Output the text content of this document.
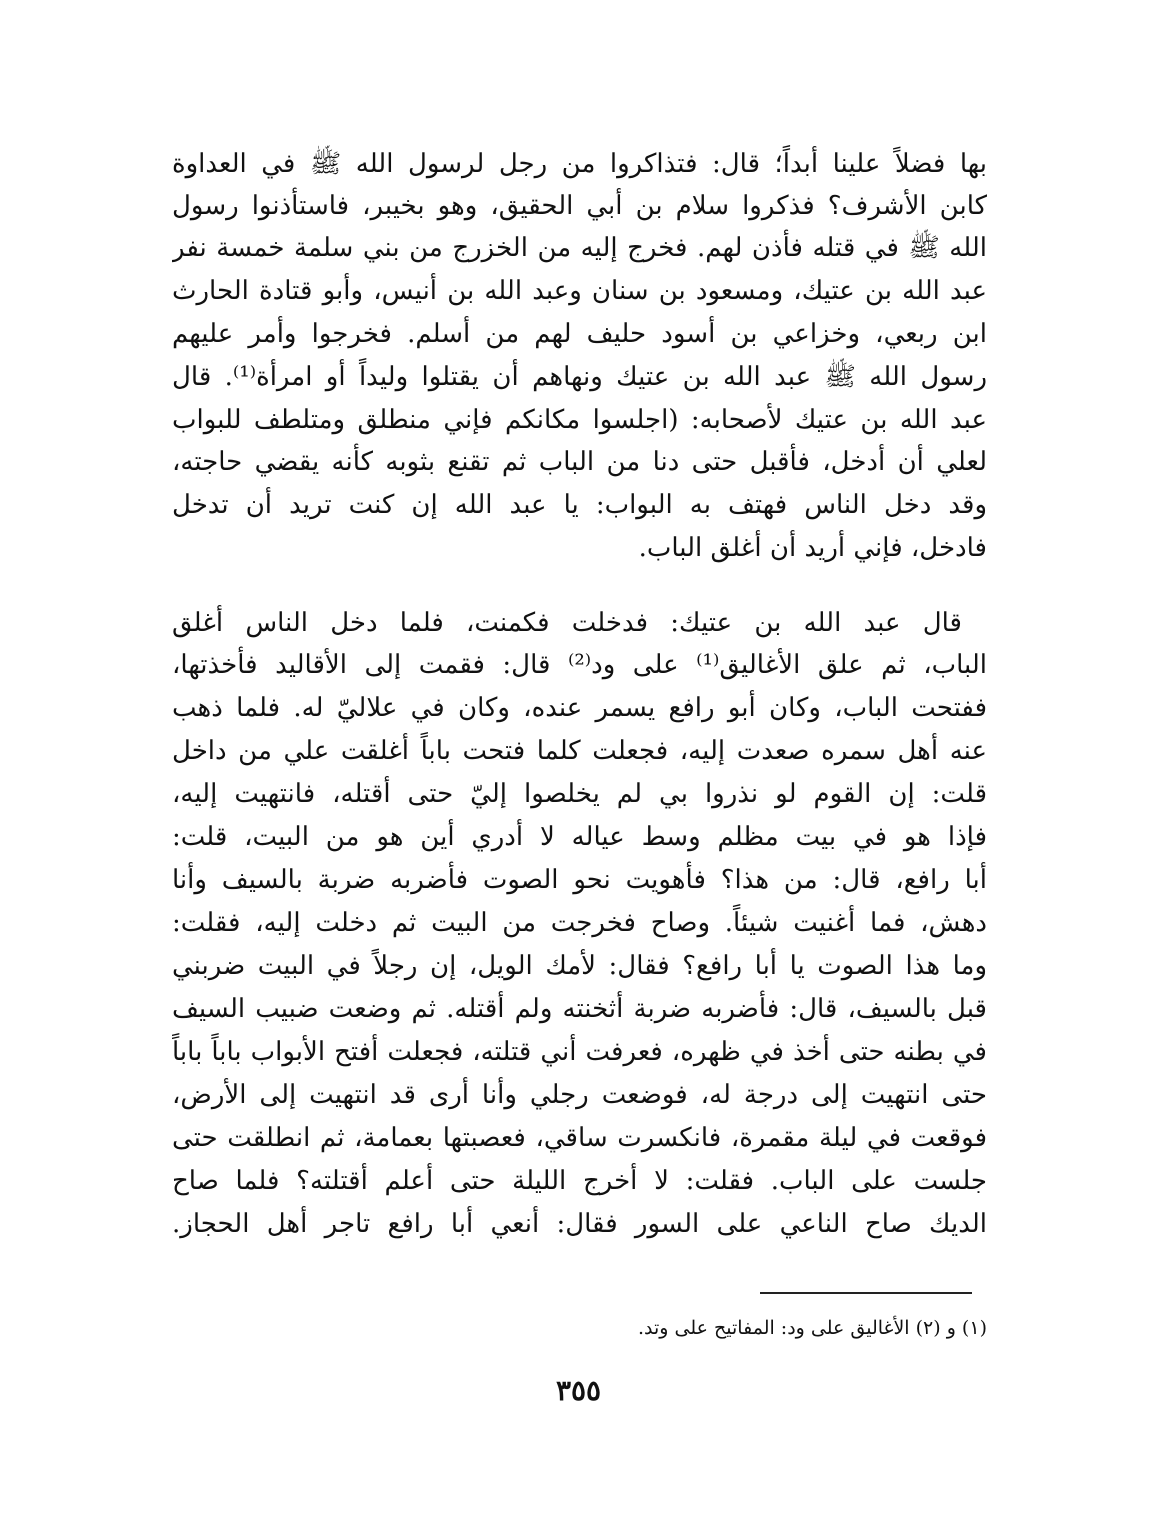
بها فضلاً علينا أبداً؛ قال: فتذاكروا من رجل لرسول الله ﷺ في العداوة
كابن الأشرف؟ فذكروا سلام بن أبي الحقيق، وهو بخيبر، فاستأذنوا رسول
الله ﷺ في قتله فأذن لهم. فخرج إليه من الخزرج من بني سلمة خمسة نفر
عبد الله بن عتيك، ومسعود بن سنان وعبد الله بن أنيس، وأبو قتادة الحارث
ابن ربعي، وخزاعي بن أسود حليف لهم من أسلم. فخرجوا وأمر عليهم
رسول الله ﷺ عبد الله بن عتيك ونهاهم أن يقتلوا وليداً أو امرأة⁽¹⁾. قال
عبد الله بن عتيك لأصحابه: (اجلسوا مكانكم فإني منطلق ومتلطف للبواب
لعلي أن أدخل، فأقبل حتى دنا من الباب ثم تقنع بثوبه كأنه يقضي حاجته،
وقد دخل الناس فهتف به البواب: يا عبد الله إن كنت تريد أن تدخل
فادخل، فإني أريد أن أغلق الباب.
قال عبد الله بن عتيك: فدخلت فكمنت، فلما دخل الناس أغلق
الباب، ثم علق الأغاليق⁽¹⁾ على ود⁽²⁾ قال: فقمت إلى الأقاليد فأخذتها،
ففتحت الباب، وكان أبو رافع يسمر عنده، وكان في علاليّ له. فلما ذهب
عنه أهل سمره صعدت إليه، فجعلت كلما فتحت باباً أغلقت علي من داخل
قلت: إن القوم لو نذروا بي لم يخلصوا إليّ حتى أقتله، فانتهيت إليه،
فإذا هو في بيت مظلم وسط عياله لا أدري أين هو من البيت، قلت:
أبا رافع، قال: من هذا؟ فأهويت نحو الصوت فأضربه ضربة بالسيف وأنا
دهش، فما أغنيت شيئاً. وصاح فخرجت من البيت ثم دخلت إليه، فقلت:
وما هذا الصوت يا أبا رافع؟ فقال: لأمك الويل، إن رجلاً في البيت ضربني
قبل بالسيف، قال: فأضربه ضربة أثخنته ولم أقتله. ثم وضعت ضبيب السيف
في بطنه حتى أخذ في ظهره، فعرفت أني قتلته، فجعلت أفتح الأبواب باباً باباً
حتى انتهيت إلى درجة له، فوضعت رجلي وأنا أرى قد انتهيت إلى الأرض،
فوقعت في ليلة مقمرة، فانكسرت ساقي، فعصبتها بعمامة، ثم انطلقت حتى
جلست على الباب. فقلت: لا أخرج الليلة حتى أعلم أقتلته؟ فلما صاح
الديك صاح الناعي على السور فقال: أنعي أبا رافع تاجر أهل الحجاز.
(١) و (٢) الأغاليق على ود: المفاتيح على وتد.
٣٥٥
